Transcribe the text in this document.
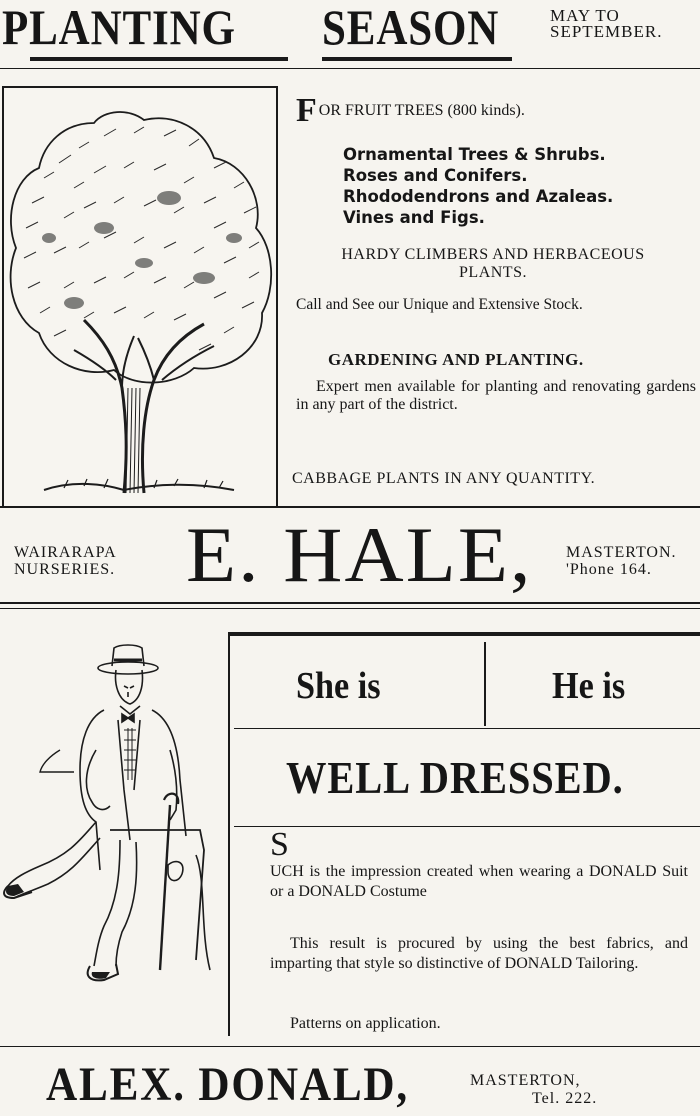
PLANTING SEASON	MAY TO
SEPTEMBER.
FOR FRUIT TREES (800 kinds).
Ornamental Trees & Shrubs.
Roses and Conifers.
Rhododendrons and Azaleas.
Vines and Figs.
HARDY CLIMBERS AND HERBACEOUS
PLANTS.
Call and See our Unique and Extensive Stock.
GARDENING AND PLANTING.
Expert men available for planting and renovating gardens in any part of the district.
CABBAGE PLANTS IN ANY QUANTITY.
WAIRARAPA
NURSERIES. E. HALE, MASTERTON.
'Phone 164.
She is	He is
WELL DRESSED.
S
UCH is the impression created when wearing a DONALD Suit or a DONALD Costume
This result is procured by using the best fabrics, and imparting that style so distinctive of DONALD Tailoring.
Patterns on application.
ALEX. DONALD,	MASTERTON,
Tel. 222.
